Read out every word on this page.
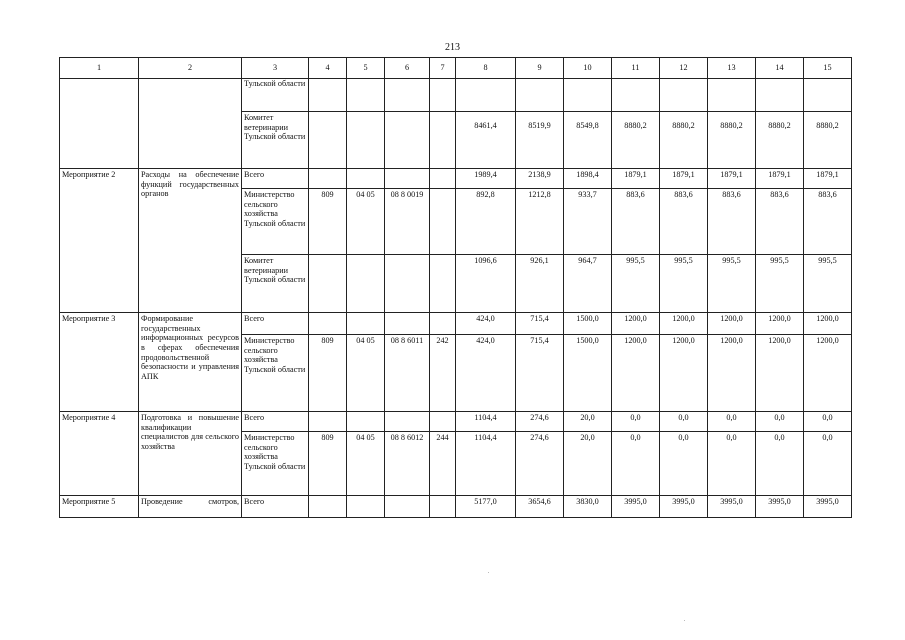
213
1	2	3	4	5	6	7	8	9	10	11	12	13	14	15
		Тульской области												
		Комитет ветеринарии Тульской области					8461,4	8519,9	8549,8	8880,2	8880,2	8880,2	8880,2	8880,2
Мероприятие 2	Расходы на обеспечение функций государственных органов	Всего					1989,4	2138,9	1898,4	1879,1	1879,1	1879,1	1879,1	1879,1
		Министерство сельского хозяйства Тульской области	809	04 05	08 8 0019		892,8	1212,8	933,7	883,6	883,6	883,6	883,6	883,6
		Комитет ветеринарии Тульской области					1096,6	926,1	964,7	995,5	995,5	995,5	995,5	995,5
Мероприятие 3	Формирование государственных информационных ресурсов в сферах обеспечения продовольственной безопасности и управления АПК	Всего					424,0	715,4	1500,0	1200,0	1200,0	1200,0	1200,0	1200,0
		Министерство сельского хозяйства Тульской области	809	04 05	08 8 6011	242	424,0	715,4	1500,0	1200,0	1200,0	1200,0	1200,0	1200,0
Мероприятие 4	Подготовка и повышение квалификации специалистов для сельского хозяйства	Всего					1104,4	274,6	20,0	0,0	0,0	0,0	0,0	0,0
		Министерство сельского хозяйства Тульской области	809	04 05	08 8 6012	244	1104,4	274,6	20,0	0,0	0,0	0,0	0,0	0,0
Мероприятие 5	Проведение смотров,	Всего					5177,0	3654,6	3830,0	3995,0	3995,0	3995,0	3995,0	3995,0
